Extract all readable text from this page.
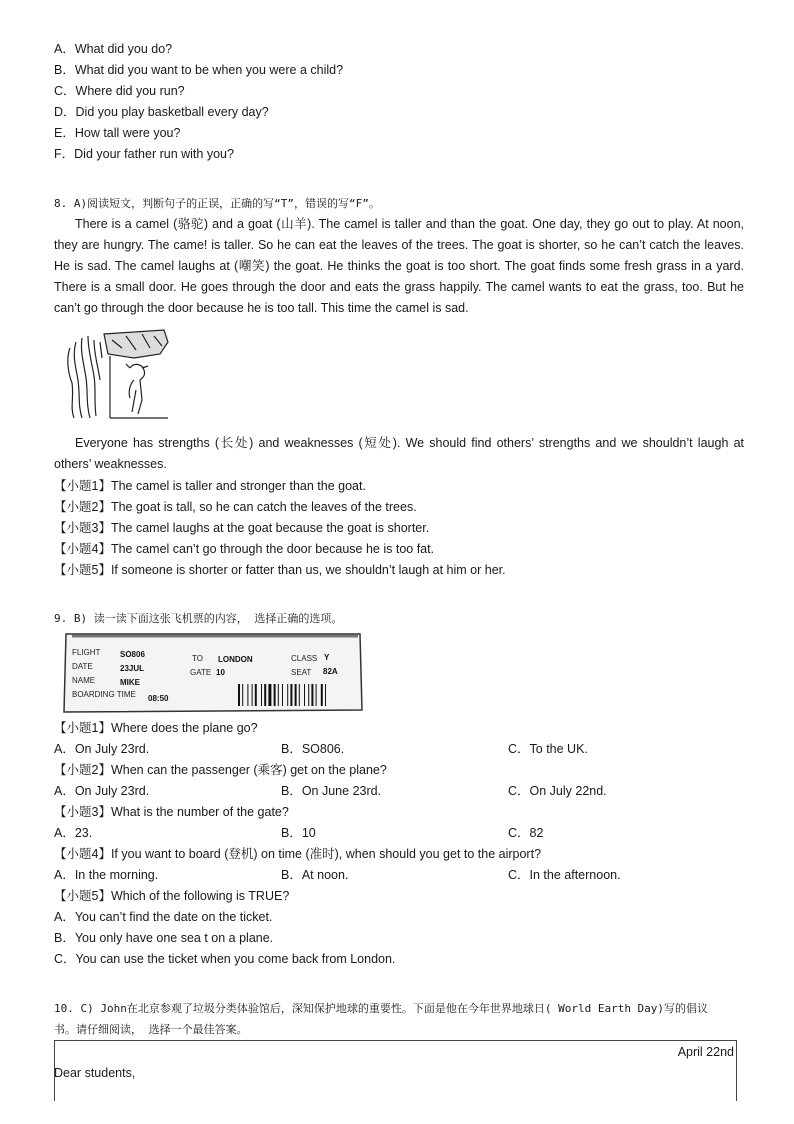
A．What did you do?
B．What did you want to be when you were a child?
C．Where did you run?
D．Did you play basketball every day?
E．How tall were you?
F．Did your father run with you?
8. A)阅读短文，判断句子的正误，正确的写“T”，错误的写“F”。
There is a camel (骆驼) and a goat (山羊). The camel is taller and than the goat. One day, they go out to play. At noon, they are hungry. The came! is taller. So he can eat the leaves of the trees. The goat is shorter, so he can’t catch the leaves. He is sad. The camel laughs at (嘲笑) the goat. He thinks the goat is too short. The goat finds some fresh grass in a yard. There is a small door. He goes through the door and eats the grass happily. The camel wants to eat the grass, too. But he can’t go through the door because he is too tall. This time the camel is sad.
Everyone has strengths (长处) and weaknesses (短处). We should find others’ strengths and we shouldn’t laugh at others’ weaknesses.
【小题1】The camel is taller and stronger than the goat.
【小题2】The goat is tall, so he can catch the leaves of the trees.
【小题3】The camel laughs at the goat because the goat is shorter.
【小题4】The camel can’t go through the door because he is too fat.
【小题5】If someone is shorter or fatter than us, we shouldn’t laugh at him or her.
9. B) 读一读下面这张飞机票的内容， 选择正确的选项。
FLIGHT SO806
DATE	23JUL
NAME	MIKE
BOARDING TIME 08:50
TO LONDON
GATE 10
CLASS Y
SEAT 82A
【小题1】Where does the plane go?
A．On July 23rd.	B．SO806.	C．To the UK.
【小题2】When can the passenger (乘客) get on the plane?
A．On July 23rd.	B．On June 23rd.	C．On July 22nd.
【小题3】What is the number of the gate?
A．23.	B．10	C．82
【小题4】If you want to board (登机) on time (准时), when should you get to the airport?
A．In the morning.	B．At noon.	C．In the afternoon.
【小题5】Which of the following is TRUE?
A．You can’t find the date on the ticket.
B．You only have one sea t on a plane.
C．You can use the ticket when you come back from London.
10. C) John在北京参观了垃圾分类体验馆后，深知保护地球的重要性。下面是他在今年世界地球日( World Earth Day)写的倡议
书。请仔细阅读， 选择一个最佳答案。
April 22nd
Dear students,
